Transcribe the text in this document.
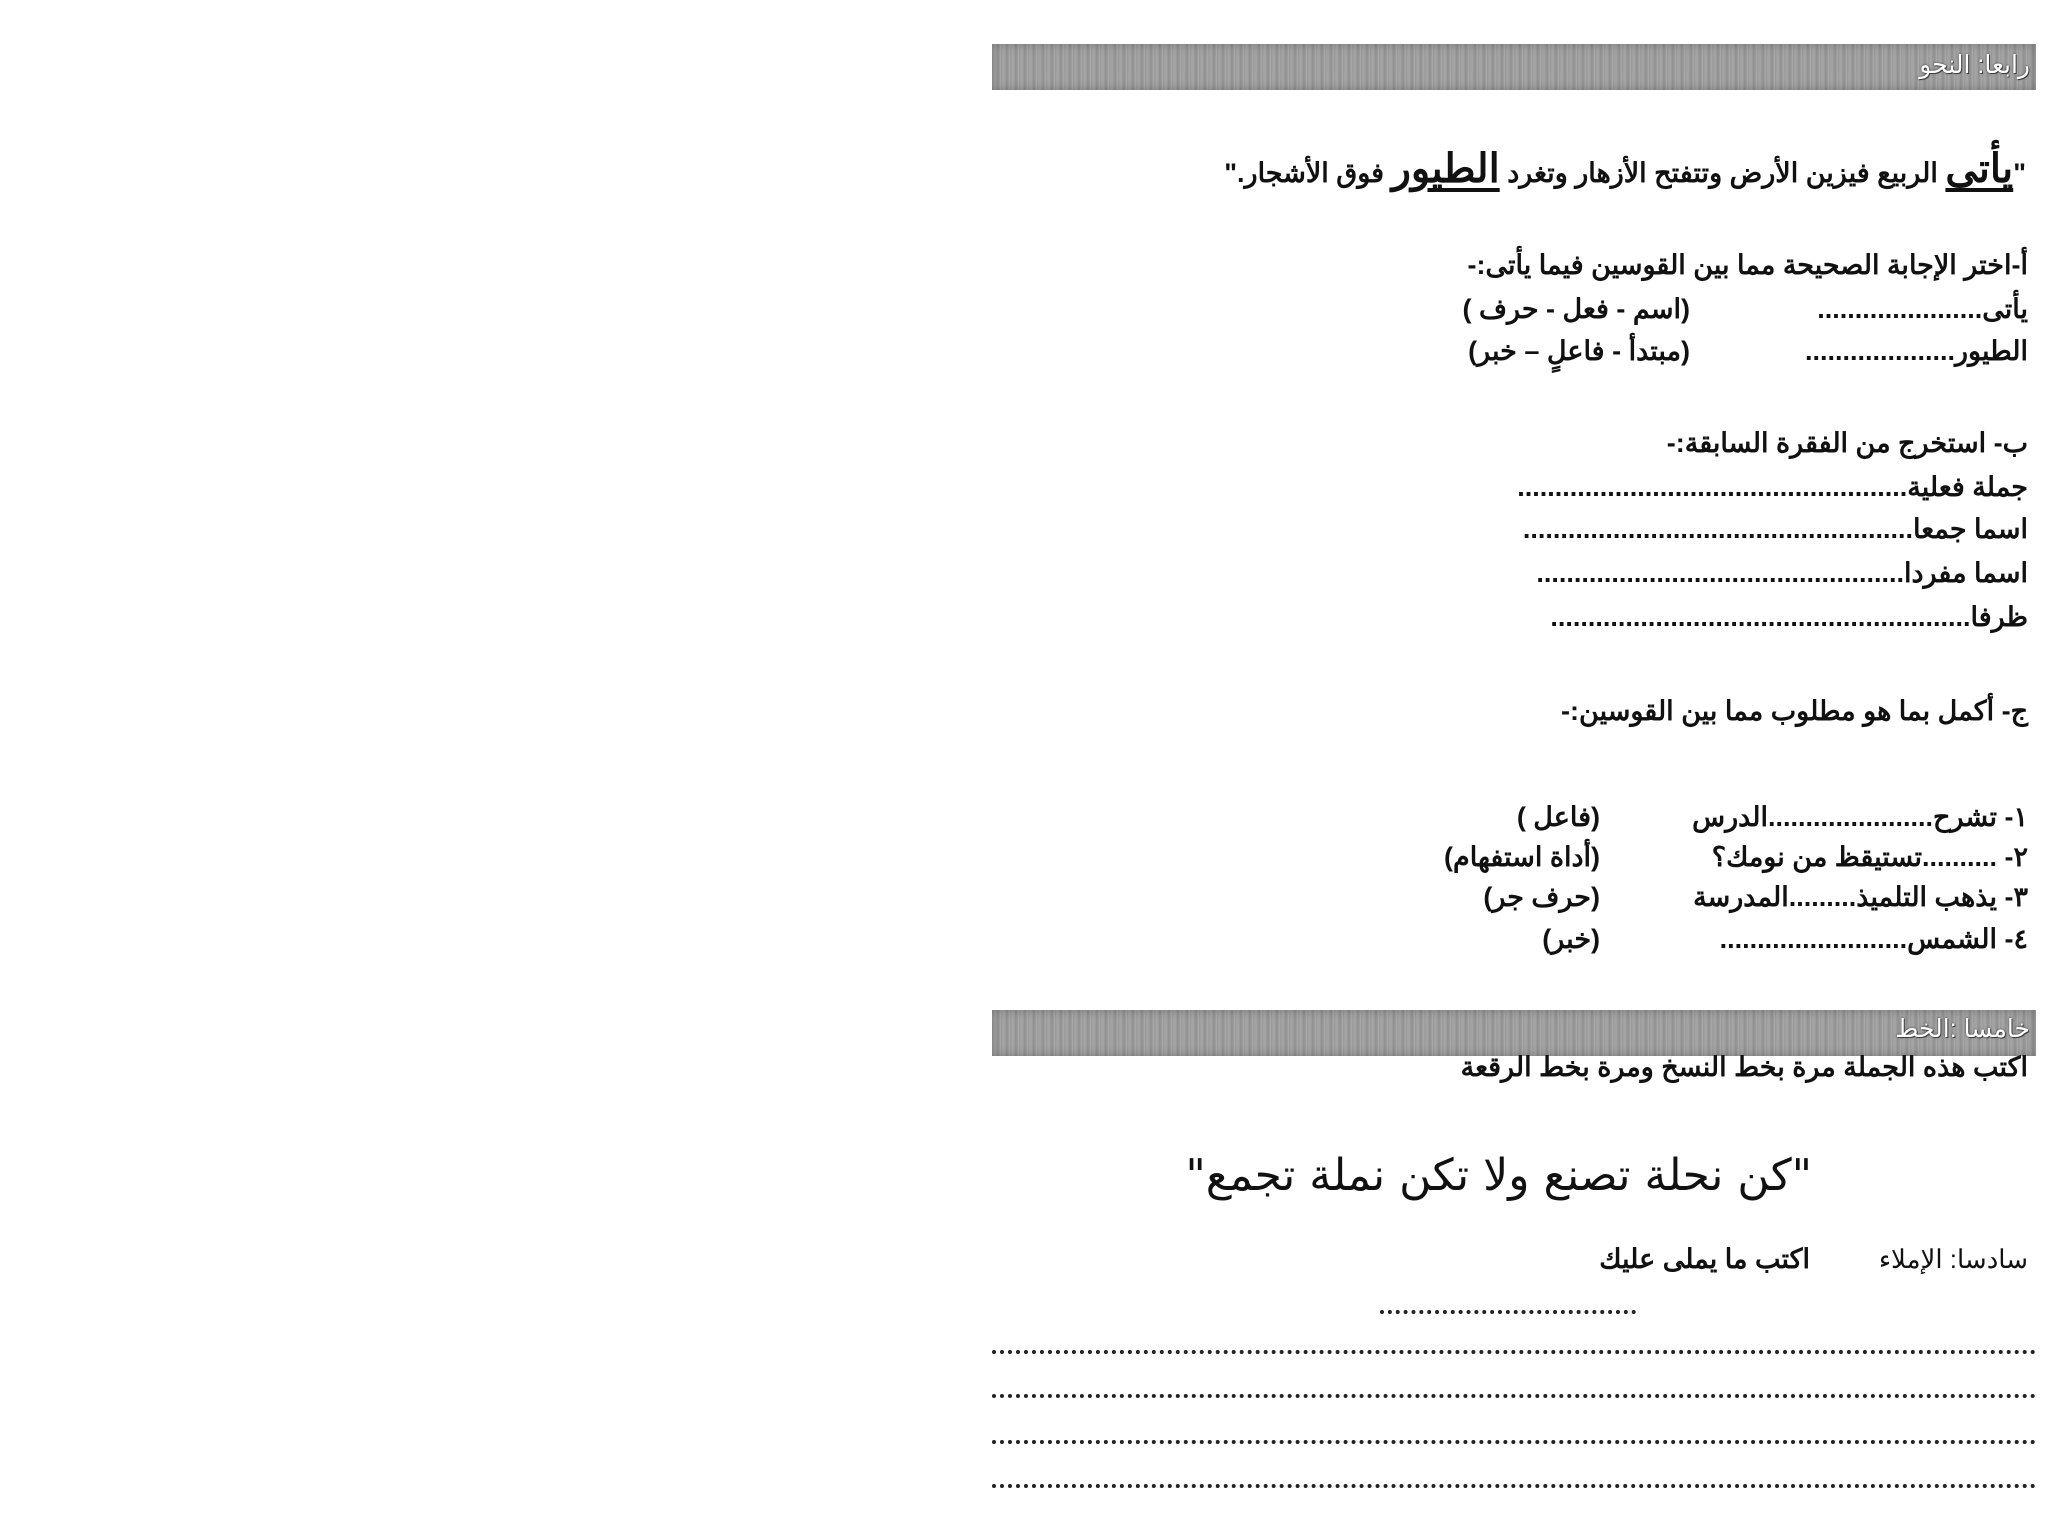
رابعا: النحو
"يأتى الربيع فيزين الأرض وتتفتح الأزهار وتغرد الطيور فوق الأشجار."
أ-اختر الإجابة الصحيحة مما بين القوسين فيما يأتى:-
يأتى......................
(اسم - فعل - حرف )
الطيور....................
(مبتدأ - فاعلٍ – خبر)
ب- استخرج من الفقرة السابقة:-
جملة فعلية....................................................
اسما جمعا....................................................
اسما مفردا.................................................
ظرفا........................................................
ج- أكمل بما هو مطلوب مما بين القوسين:-
١- تشرح......................الدرس
(فاعل )
٢- ..........تستيقظ من نومك؟
(أداة استفهام)
٣- يذهب التلميذ.........المدرسة
(حرف جر)
٤- الشمس.........................
(خبر)
خامسا :الخط
اكتب هذه الجملة مرة بخط النسخ ومرة بخط الرقعة
"كن نحلة تصنع ولا تكن نملة تجمع"
سادسا: الإملاء
اكتب ما يملى عليك
